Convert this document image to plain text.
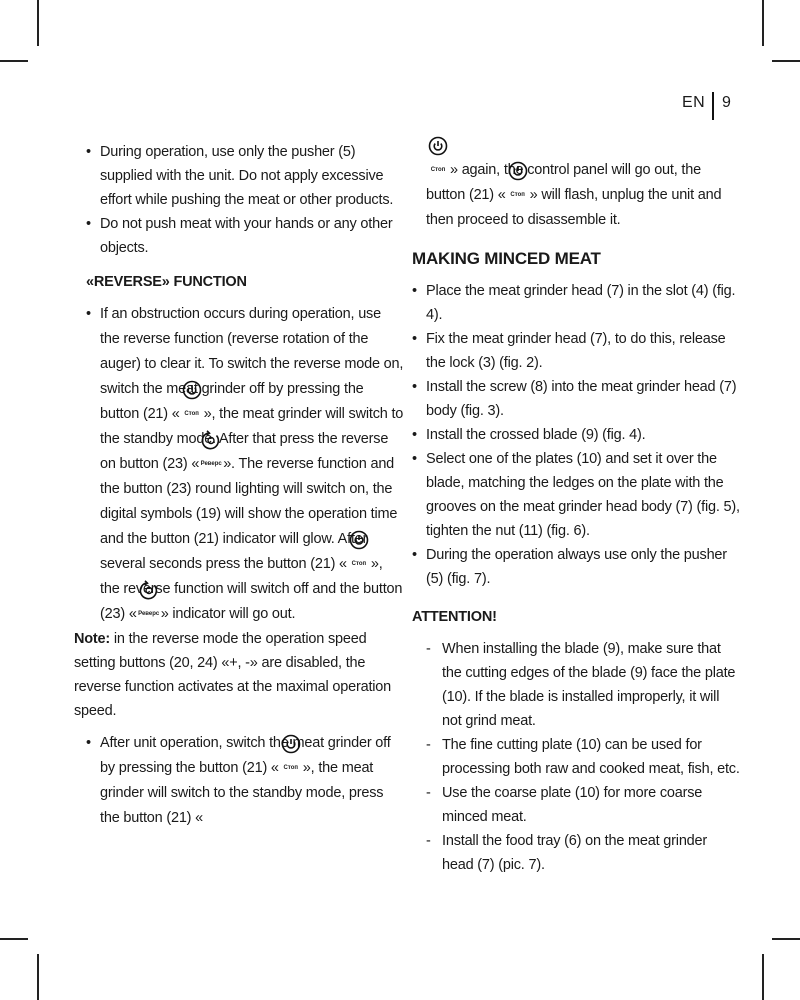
EN 9
• During operation, use only the pusher (5) supplied with the unit. Do not apply excessive effort while pushing the meat or other products.
• Do not push meat with your hands or any other objects.
«REVERSE» FUNCTION
• If an obstruction occurs during operation, use the reverse function (reverse rotation of the auger) to clear it. To switch the reverse mode on, switch the meat grinder off by pressing the button (21) « Стоп », the meat grinder will switch to the standby mode. After that press the reverse on button (23) « Реверс ». The reverse function and the button (23) round lighting will switch on, the digital symbols (19) will show the operation time and the button (21) indicator will glow. After several seconds press the button (21) « Стоп », the reverse function will switch off and the button (23) « Реверс » indicator will go out.
Note: in the reverse mode the operation speed setting buttons (20, 24) «+, -» are disabled, the reverse function activates at the maximal operation speed.
• After unit operation, switch the meat grinder off by pressing the button (21) « Стоп », the meat grinder will switch to the standby mode, press the button (21) «
Стоп » again, the control panel will go out, the button (21) « Стоп » will flash, unplug the unit and then proceed to disassemble it.
MAKING MINCED MEAT
• Place the meat grinder head (7) in the slot (4) (fig. 4).
• Fix the meat grinder head (7), to do this, release the lock (3) (fig. 2).
• Install the screw (8) into the meat grinder head (7) body (fig. 3).
• Install the crossed blade (9) (fig. 4).
• Select one of the plates (10) and set it over the blade, matching the ledges on the plate with the grooves on the meat grinder head body (7) (fig. 5), tighten the nut (11) (fig. 6).
• During the operation always use only the pusher (5) (fig. 7).
ATTENTION!
- When installing the blade (9), make sure that the cutting edges of the blade (9) face the plate (10). If the blade is installed improperly, it will not grind meat.
- The fine cutting plate (10) can be used for processing both raw and cooked meat, fish, etc.
- Use the coarse plate (10) for more coarse minced meat.
- Install the food tray (6) on the meat grinder head (7) (pic. 7).
